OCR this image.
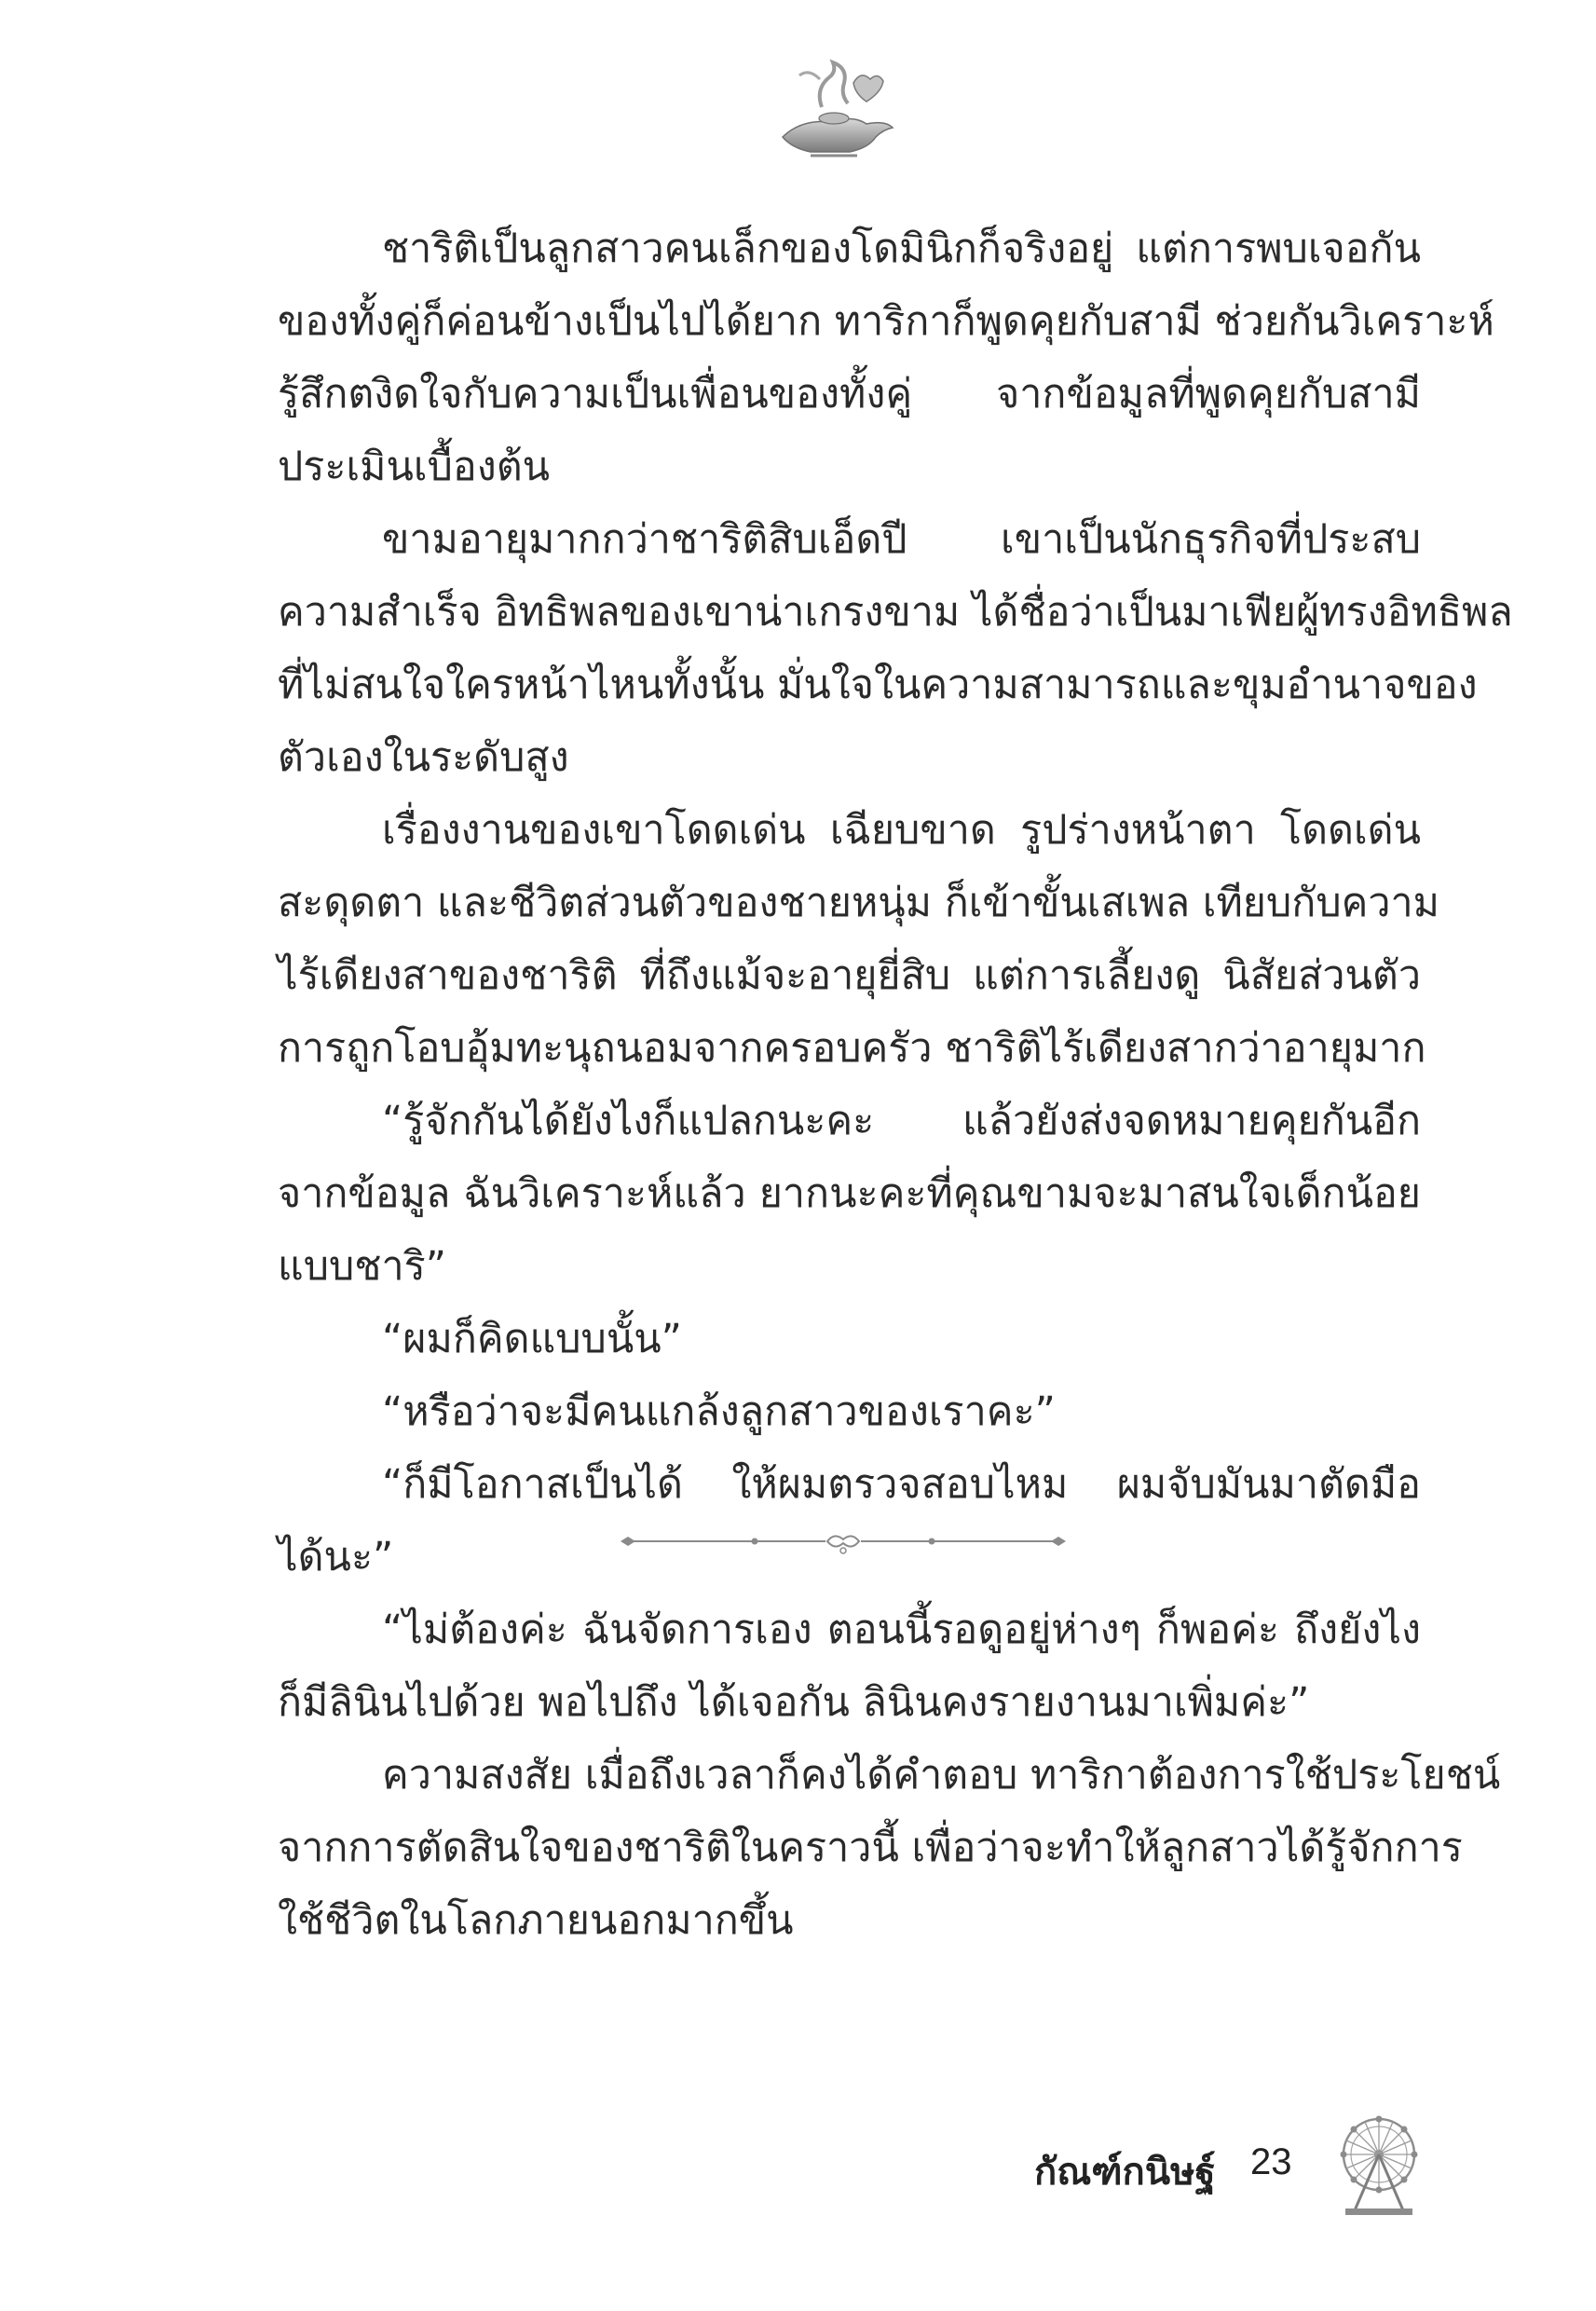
ชาริติเป็นลูกสาวคนเล็กของโดมินิกก็จริงอยู่ แต่การพบเจอกัน
ของทั้งคู่ก็ค่อนข้างเป็นไปได้ยาก ทาริกาก็พูดคุยกับสามี ช่วยกันวิเคราะห์
รู้สึกตงิดใจกับความเป็นเพื่อนของทั้งคู่ จากข้อมูลที่พูดคุยกับสามี
ประเมินเบื้องต้น
ขามอายุมากกว่าชาริติสิบเอ็ดปี เขาเป็นนักธุรกิจที่ประสบ
ความสำเร็จ อิทธิพลของเขาน่าเกรงขาม ได้ชื่อว่าเป็นมาเฟียผู้ทรงอิทธิพล
ที่ไม่สนใจใครหน้าไหนทั้งนั้น มั่นใจในความสามารถและขุมอำนาจของ
ตัวเองในระดับสูง
เรื่องงานของเขาโดดเด่น เฉียบขาด รูปร่างหน้าตา โดดเด่น
สะดุดตา และชีวิตส่วนตัวของชายหนุ่ม ก็เข้าขั้นเสเพล เทียบกับความ
ไร้เดียงสาของชาริติ ที่ถึงแม้จะอายุยี่สิบ แต่การเลี้ยงดู นิสัยส่วนตัว
การถูกโอบอุ้มทะนุถนอมจากครอบครัว ชาริติไร้เดียงสากว่าอายุมาก
“รู้จักกันได้ยังไงก็แปลกนะคะ แล้วยังส่งจดหมายคุยกันอีก
จากข้อมูล ฉันวิเคราะห์แล้ว ยากนะคะที่คุณขามจะมาสนใจเด็กน้อย
แบบชาริ”
“ผมก็คิดแบบนั้น”
“หรือว่าจะมีคนแกล้งลูกสาวของเราคะ”
“ก็มีโอกาสเป็นได้ ให้ผมตรวจสอบไหม ผมจับมันมาตัดมือ
ได้นะ”
“ไม่ต้องค่ะ ฉันจัดการเอง ตอนนี้รอดูอยู่ห่างๆ ก็พอค่ะ ถึงยังไง
ก็มีลินินไปด้วย พอไปถึง ได้เจอกัน ลินินคงรายงานมาเพิ่มค่ะ”
ความสงสัย เมื่อถึงเวลาก็คงได้คำตอบ ทาริกาต้องการใช้ประโยชน์
จากการตัดสินใจของชาริติในคราวนี้ เพื่อว่าจะทำให้ลูกสาวได้รู้จักการ
ใช้ชีวิตในโลกภายนอกมากขึ้น
กัณฑ์กนิษฐ์ 23
